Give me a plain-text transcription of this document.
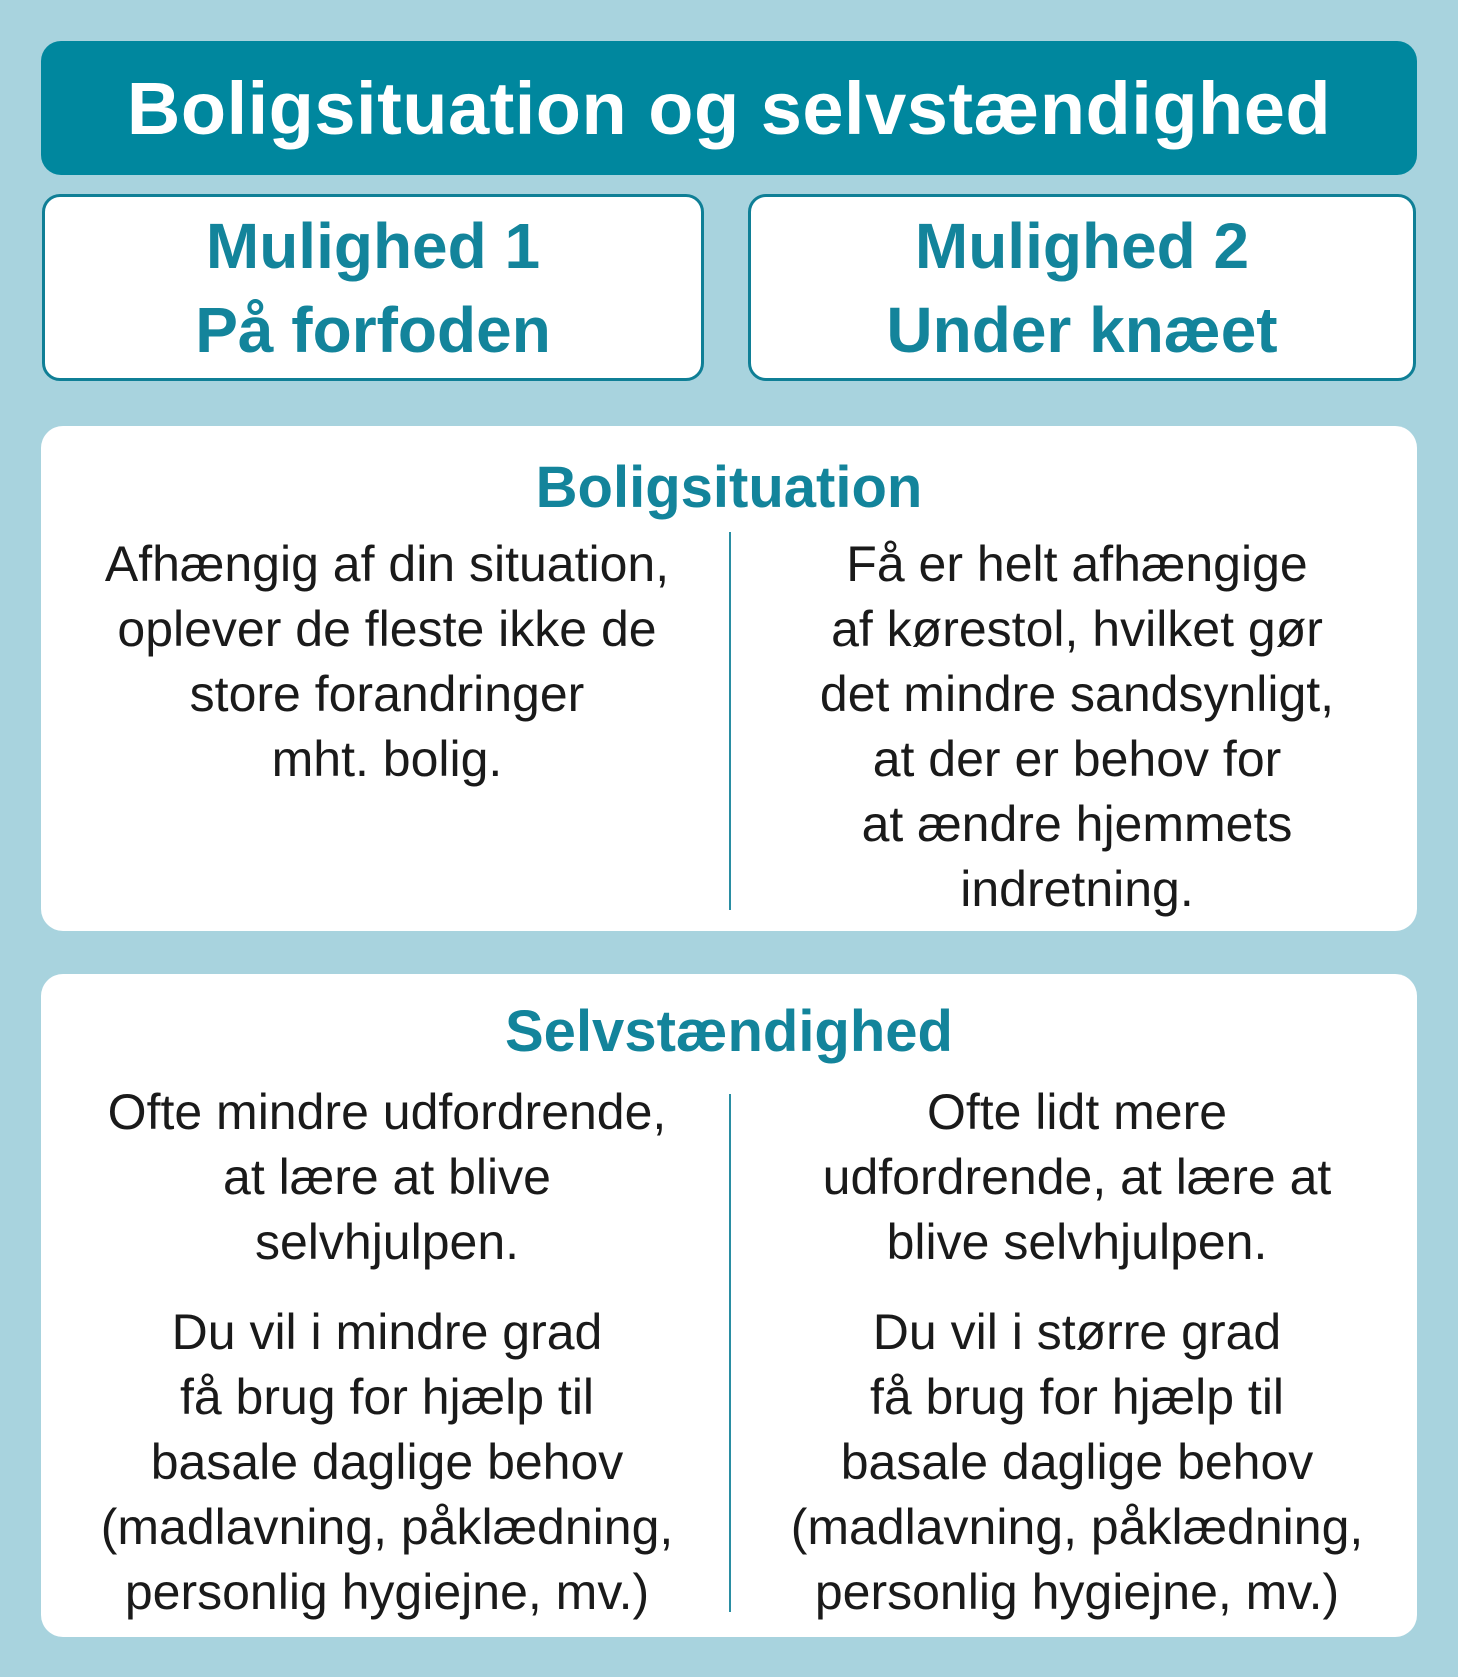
Boligsituation og selvstændighed
Mulighed 1
På forfoden
Mulighed 2
Under knæet
Boligsituation

Afhængig af din situation,
oplever de fleste ikke de
store forandringer
mht. bolig.

Få er helt afhængige
af kørestol, hvilket gør
det mindre sandsynligt,
at der er behov for
at ændre hjemmets
indretning.

Selvstændighed

Ofte mindre udfordrende,
at lære at blive
selvhjulpen.

Du vil i mindre grad
få brug for hjælp til
basale daglige behov
(madlavning, påklædning,
personlig hygiejne, mv.)

Ofte lidt mere
udfordrende, at lære at
blive selvhjulpen.

Du vil i større grad
få brug for hjælp til
basale daglige behov
(madlavning, påklædning,
personlig hygiejne, mv.)
